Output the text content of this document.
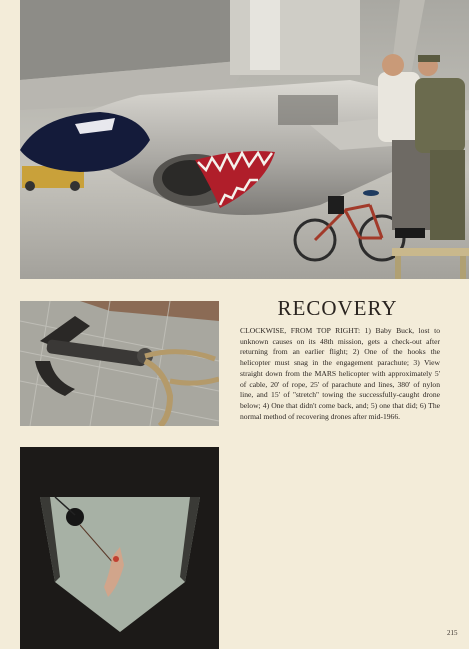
RECOVERY

CLOCKWISE, FROM TOP RIGHT: 1) Baby Buck, lost to unknown causes on its 48th mission, gets a check-out after returning from an earlier flight; 2) One of the hooks the helicopter must snag in the engagement parachute; 3) View straight down from the MARS helicopter with approximately 5' of cable, 20' of rope, 25' of parachute and lines, 380' of nylon line, and 15' of ''stretch'' towing the successfully-caught drone below; 4) One that didn't come back, and; 5) one that did; 6) The normal method of recovering drones after mid-1966.

215
